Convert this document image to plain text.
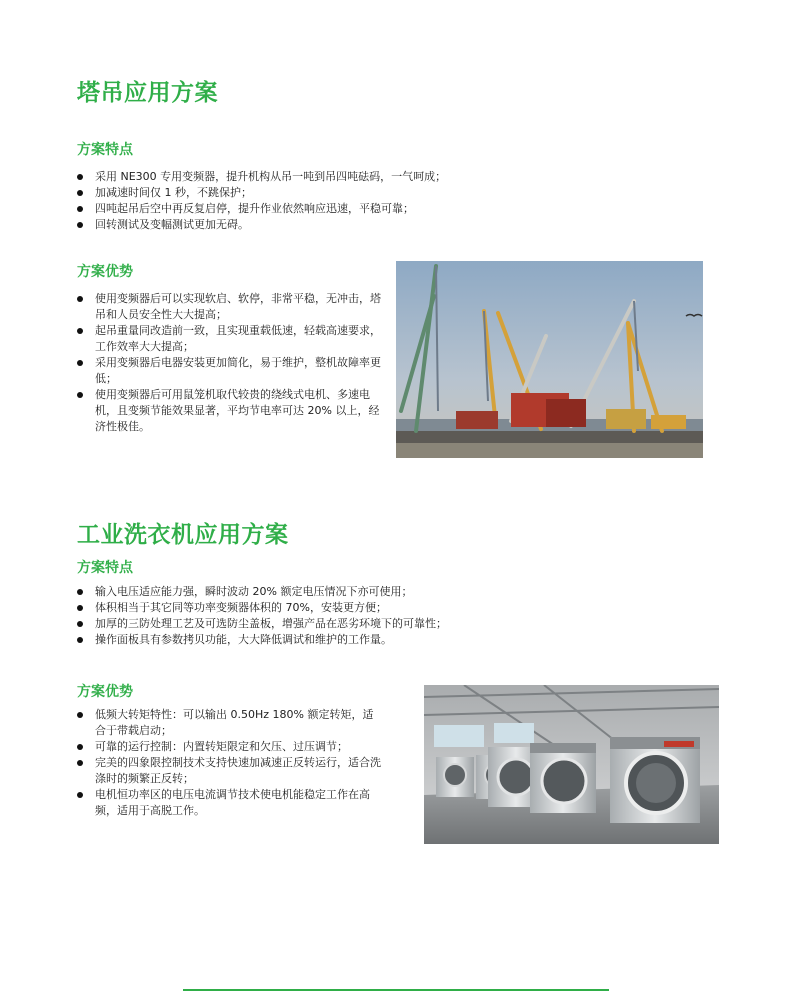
塔吊应用方案
方案特点
采用 NE300 专用变频器，提升机构从吊一吨到吊四吨砝码，一气呵成；
加减速时间仅 1 秒，不跳保护；
四吨起吊后空中再反复启停，提升作业依然响应迅速，平稳可靠；
回转测试及变幅测试更加无碍。
方案优势
使用变频器后可以实现软启、软停，非常平稳，无冲击，塔吊和人员安全性大大提高；
起吊重量同改造前一致，且实现重载低速，轻载高速要求，工作效率大大提高；
采用变频器后电器安装更加简化，易于维护，整机故障率更低；
使用变频器后可用鼠笼机取代较贵的绕线式电机、多速电机，且变频节能效果显著，平均节电率可达 20% 以上，经济性极佳。
工业洗衣机应用方案
方案特点
输入电压适应能力强，瞬时波动 20% 额定电压情况下亦可使用；
体积相当于其它同等功率变频器体积的 70%，安装更方便；
加厚的三防处理工艺及可选防尘盖板，增强产品在恶劣环境下的可靠性；
操作面板具有参数拷贝功能，大大降低调试和维护的工作量。
方案优势
低频大转矩特性：可以输出 0.50Hz 180% 额定转矩，适合于带载启动；
可靠的运行控制：内置转矩限定和欠压、过压调节；
完美的四象限控制技术支持快速加减速正反转运行，适合洗涤时的频繁正反转；
电机恒功率区的电压电流调节技术使电机能稳定工作在高频，适用于高脱工作。
